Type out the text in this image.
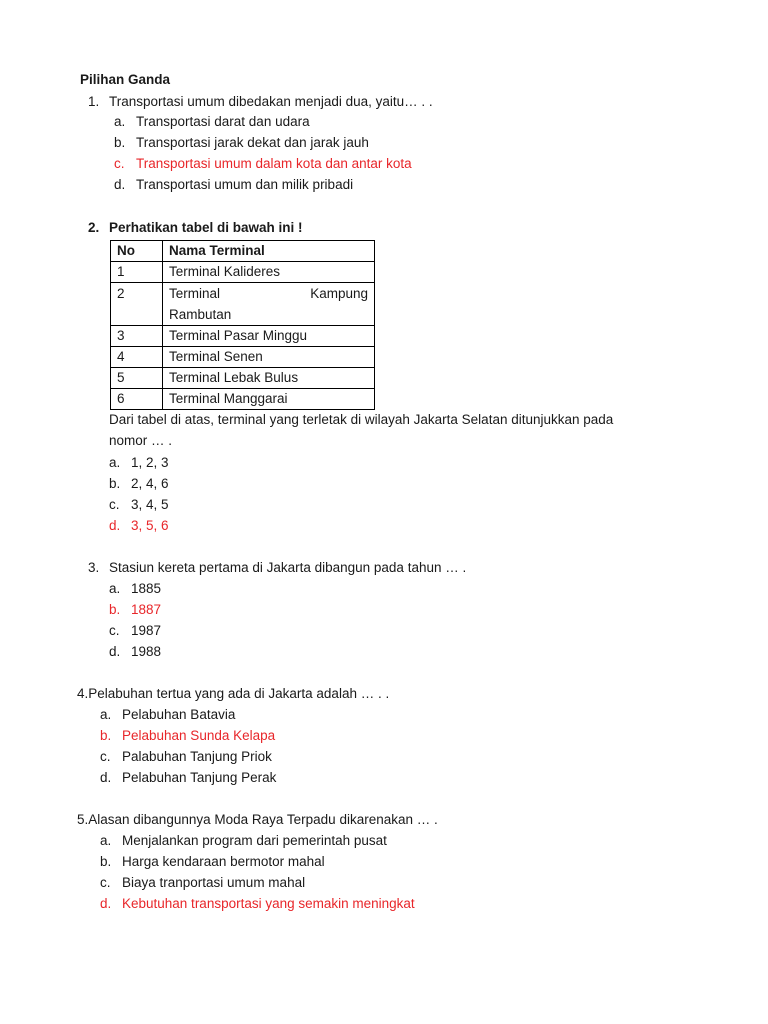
Pilihan Ganda
1. Transportasi umum dibedakan menjadi dua, yaitu… . .
a. Transportasi darat dan udara
b. Transportasi jarak dekat dan jarak jauh
c. Transportasi umum dalam kota dan antar kota
d. Transportasi umum dan milik pribadi
2. Perhatikan tabel di bawah ini !
No	Nama Terminal
1	Terminal Kalideres
2	Terminal Kampung
Rambutan

3	Terminal Pasar Minggu
4	Terminal Senen
5	Terminal Lebak Bulus
6	Terminal Manggarai
Dari tabel di atas, terminal yang terletak di wilayah Jakarta Selatan ditunjukkan pada
nomor … .
a. 1, 2, 3
b. 2, 4, 6
c. 3, 4, 5
d. 3, 5, 6
3. Stasiun kereta pertama di Jakarta dibangun pada tahun … .
a. 1885
b. 1887
c. 1987
d. 1988
4.Pelabuhan tertua yang ada di Jakarta adalah … . .
a. Pelabuhan Batavia
b. Pelabuhan Sunda Kelapa
c. Palabuhan Tanjung Priok
d. Pelabuhan Tanjung Perak
5.Alasan dibangunnya Moda Raya Terpadu dikarenakan … .
a. Menjalankan program dari pemerintah pusat
b. Harga kendaraan bermotor mahal
c. Biaya tranportasi umum mahal
d. Kebutuhan transportasi yang semakin meningkat
